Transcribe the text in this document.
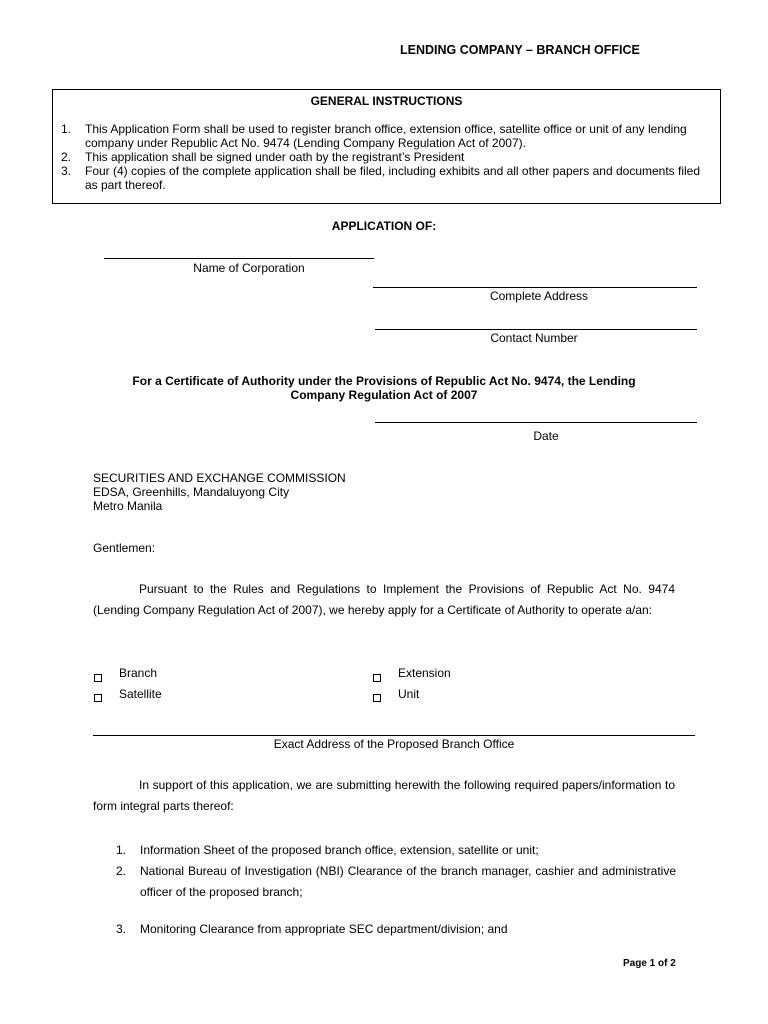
LENDING COMPANY – BRANCH OFFICE
GENERAL INSTRUCTIONS
1. This Application Form shall be used to register branch office, extension office, satellite office or unit of any lending company under Republic Act No. 9474 (Lending Company Regulation Act of 2007).
2. This application shall be signed under oath by the registrant’s President
3. Four (4) copies of the complete application shall be filed, including exhibits and all other papers and documents filed as part thereof.
APPLICATION OF:
Name of Corporation
Complete Address
Contact Number
For a Certificate of Authority under the Provisions of Republic Act No. 9474, the Lending Company Regulation Act of 2007
Date
SECURITIES AND EXCHANGE COMMISSION
EDSA, Greenhills, Mandaluyong City
Metro Manila
Gentlemen:
Pursuant to the Rules and Regulations to Implement the Provisions of Republic Act No. 9474 (Lending Company Regulation Act of 2007), we hereby apply for a Certificate of Authority to operate a/an:
Branch	Extension
Satellite	Unit
Exact Address of the Proposed Branch Office
In support of this application, we are submitting herewith the following required papers/information to form integral parts thereof:
1. Information Sheet of the proposed branch office, extension, satellite or unit;
2. National Bureau of Investigation (NBI) Clearance of the branch manager, cashier and administrative officer of the proposed branch;
3. Monitoring Clearance from appropriate SEC department/division; and
Page 1 of 2
